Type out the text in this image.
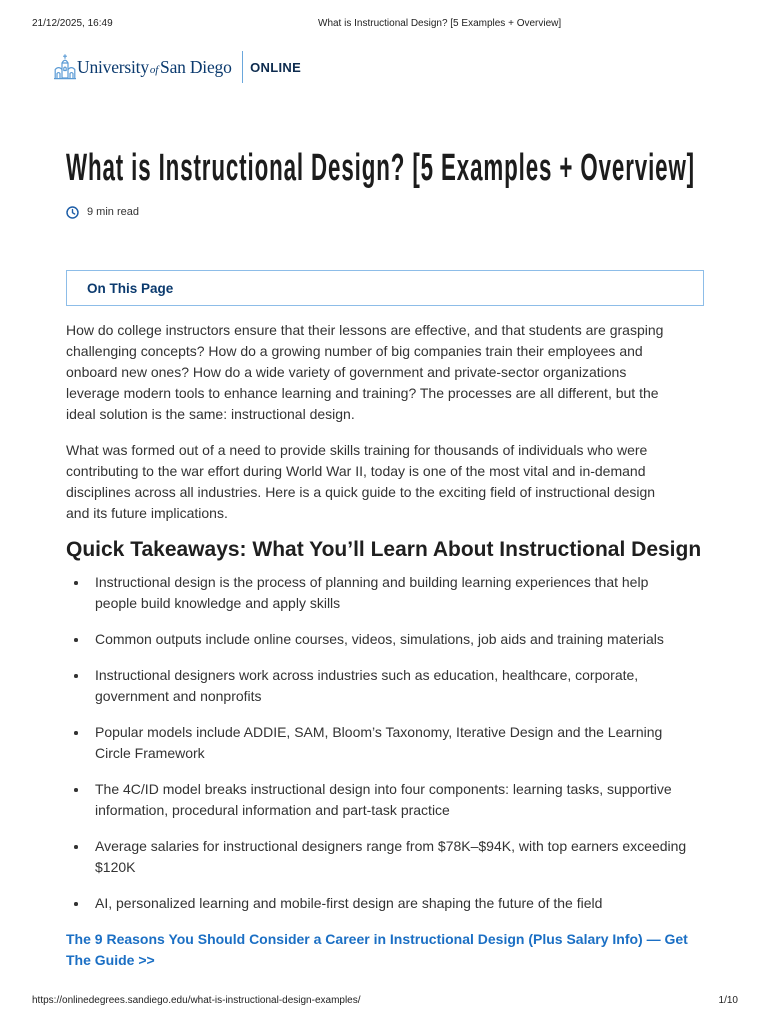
21/12/2025, 16:49	What is Instructional Design? [5 Examples + Overview]
University of San Diego ONLINE
What is Instructional Design? [5 Examples + Overview]
9 min read
On This Page

How do college instructors ensure that their lessons are effective, and that students are grasping
challenging concepts? How do a growing number of big companies train their employees and
onboard new ones? How do a wide variety of government and private-sector organizations
leverage modern tools to enhance learning and training? The processes are all different, but the
ideal solution is the same: instructional design.

What was formed out of a need to provide skills training for thousands of individuals who were
contributing to the war effort during World War II, today is one of the most vital and in-demand
disciplines across all industries. Here is a quick guide to the exciting field of instructional design
and its future implications.

Quick Takeaways: What You’ll Learn About Instructional Design
Instructional design is the process of planning and building learning experiences that help
people build knowledge and apply skills
Common outputs include online courses, videos, simulations, job aids and training materials
Instructional designers work across industries such as education, healthcare, corporate,
government and nonprofits
Popular models include ADDIE, SAM, Bloom’s Taxonomy, Iterative Design and the Learning
Circle Framework
The 4C/ID model breaks instructional design into four components: learning tasks, supportive
information, procedural information and part-task practice
Average salaries for instructional designers range from $78K–$94K, with top earners exceeding
$120K
AI, personalized learning and mobile-first design are shaping the future of the field
The 9 Reasons You Should Consider a Career in Instructional Design (Plus Salary Info) — Get
The Guide >>
https://onlinedegrees.sandiego.edu/what-is-instructional-design-examples/	1/10
